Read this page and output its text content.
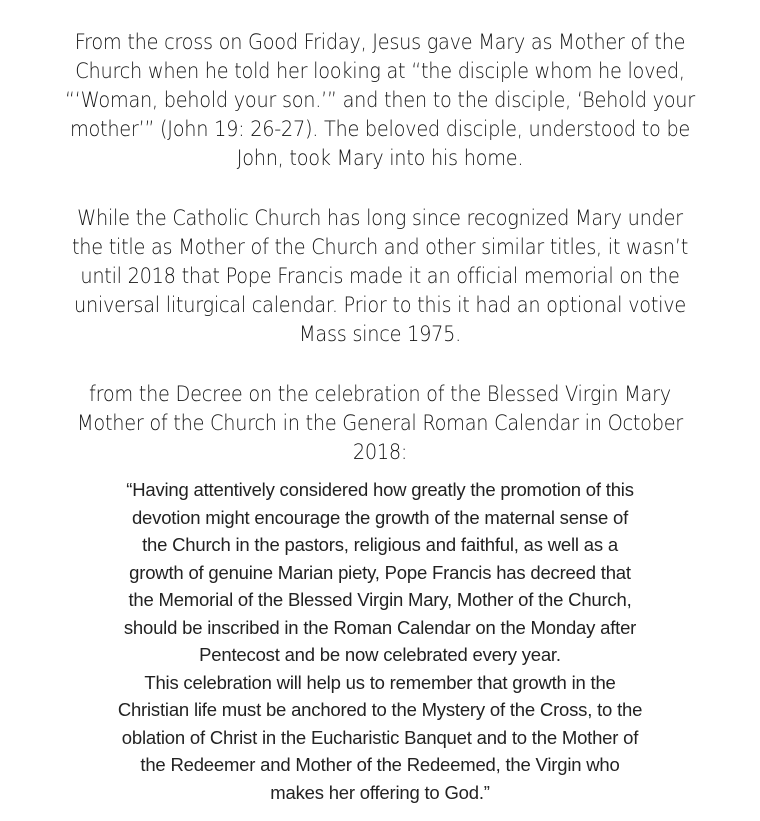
From the cross on Good Friday, Jesus gave Mary as Mother of the
Church when he told her looking at “the disciple whom he loved,
“‘Woman, behold your son.’” and then to the disciple, ‘Behold your
mother’” (John 19: 26-27). The beloved disciple, understood to be
John, took Mary into his home.
While the Catholic Church has long since recognized Mary under
the title as Mother of the Church and other similar titles, it wasn’t
until 2018 that Pope Francis made it an official memorial on the
universal liturgical calendar. Prior to this it had an optional votive
Mass since 1975.
from the Decree on the celebration of the Blessed Virgin Mary
Mother of the Church in the General Roman Calendar in October
2018:
“Having attentively considered how greatly the promotion of this
devotion might encourage the growth of the maternal sense of
the Church in the pastors, religious and faithful, as well as a
growth of genuine Marian piety, Pope Francis has decreed that
the Memorial of the Blessed Virgin Mary, Mother of the Church,
should be inscribed in the Roman Calendar on the Monday after
Pentecost and be now celebrated every year.
This celebration will help us to remember that growth in the
Christian life must be anchored to the Mystery of the Cross, to the
oblation of Christ in the Eucharistic Banquet and to the Mother of
the Redeemer and Mother of the Redeemed, the Virgin who
makes her offering to God.”
